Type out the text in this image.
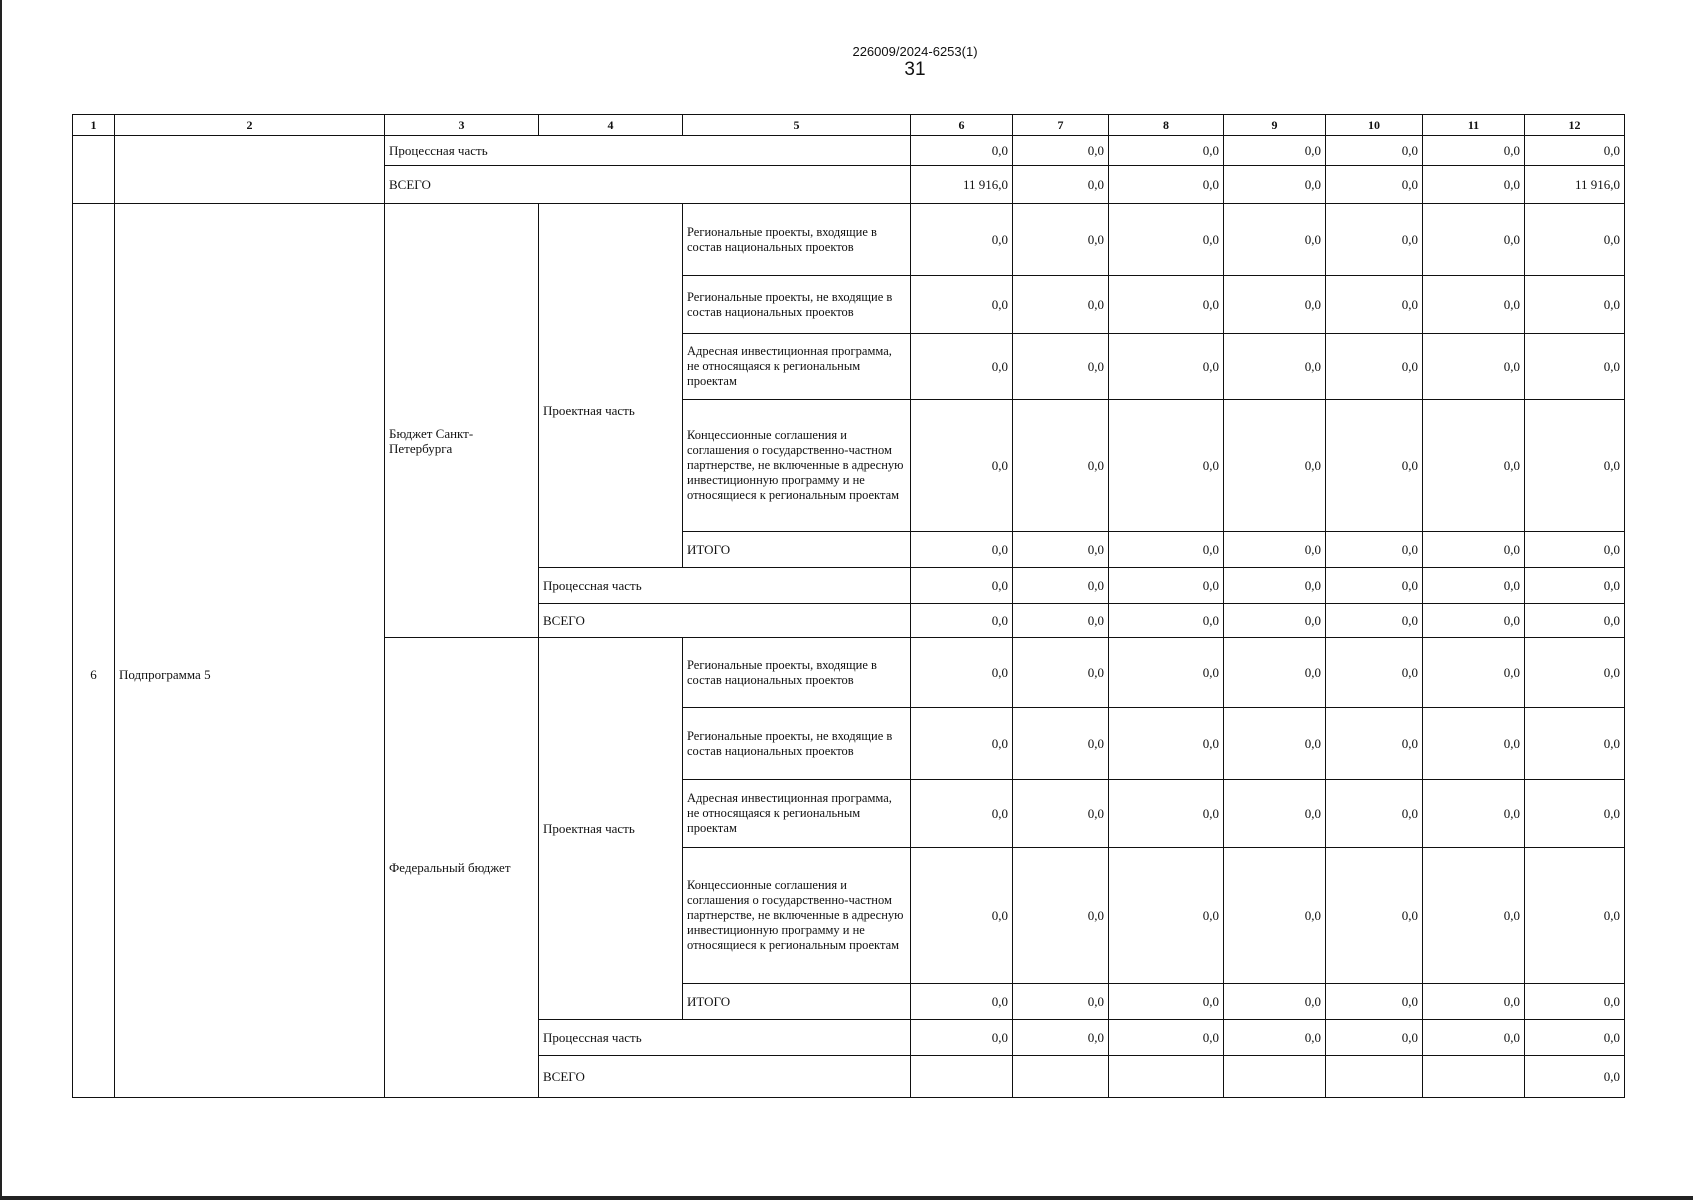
226009/2024-6253(1)
31
1	2	3	4	5	6	7	8	9	10	11	12
		Процессная часть			0,0	0,0	0,0	0,0	0,0	0,0	0,0
		ВСЕГО			11 916,0	0,0	0,0	0,0	0,0	0,0	11 916,0
6	Подпрограмма 5	Бюджет Санкт-Петербурга	Проектная часть	Региональные проекты, входящие в состав национальных проектов	0,0	0,0	0,0	0,0	0,0	0,0	0,0
				Региональные проекты, не входящие в состав национальных проектов	0,0	0,0	0,0	0,0	0,0	0,0	0,0
				Адресная инвестиционная программа, не относящаяся к региональным проектам	0,0	0,0	0,0	0,0	0,0	0,0	0,0
				Концессионные соглашения и соглашения о государственно-частном партнерстве, не включенные в адресную инвестиционную программу и не относящиеся к региональным проектам	0,0	0,0	0,0	0,0	0,0	0,0	0,0
				ИТОГО	0,0	0,0	0,0	0,0	0,0	0,0	0,0
			Процессная часть		0,0	0,0	0,0	0,0	0,0	0,0	0,0
			ВСЕГО		0,0	0,0	0,0	0,0	0,0	0,0	0,0
		Федеральный бюджет	Проектная часть	Региональные проекты, входящие в состав национальных проектов	0,0	0,0	0,0	0,0	0,0	0,0	0,0
				Региональные проекты, не входящие в состав национальных проектов	0,0	0,0	0,0	0,0	0,0	0,0	0,0
				Адресная инвестиционная программа, не относящаяся к региональным проектам	0,0	0,0	0,0	0,0	0,0	0,0	0,0
				Концессионные соглашения и соглашения о государственно-частном партнерстве, не включенные в адресную инвестиционную программу и не относящиеся к региональным проектам	0,0	0,0	0,0	0,0	0,0	0,0	0,0
				ИТОГО	0,0	0,0	0,0	0,0	0,0	0,0	0,0
			Процессная часть		0,0	0,0	0,0	0,0	0,0	0,0	0,0
			ВСЕГО								0,0
